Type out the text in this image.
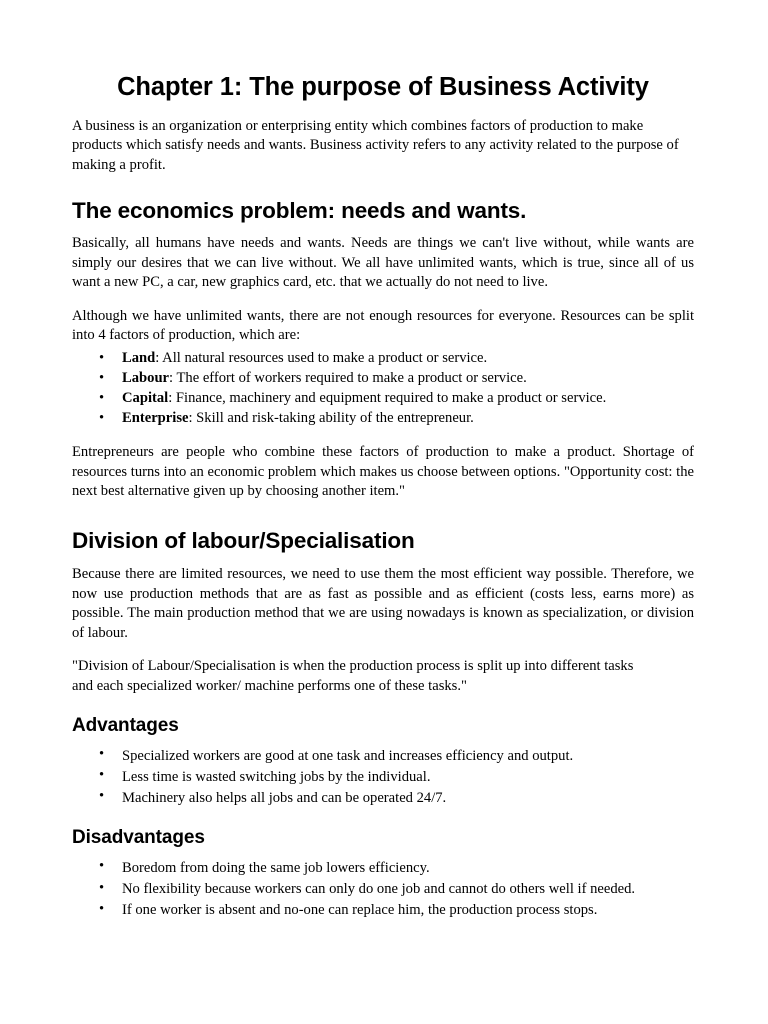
Chapter 1: The purpose of Business Activity

A business is an organization or enterprising entity which combines factors of production to make products which satisfy needs and wants. Business activity refers to any activity related to the purpose of making a profit.

The economics problem: needs and wants.

Basically, all humans have needs and wants. Needs are things we can't live without, while wants are simply our desires that we can live without. We all have unlimited wants, which is true, since all of us want a new PC, a car, new graphics card, etc. that we actually do not need to live.

Although we have unlimited wants, there are not enough resources for everyone. Resources can be split into 4 factors of production, which are:

• Land: All natural resources used to make a product or service.
• Labour: The effort of workers required to make a product or service.
• Capital: Finance, machinery and equipment required to make a product or service.
• Enterprise: Skill and risk-taking ability of the entrepreneur.

Entrepreneurs are people who combine these factors of production to make a product. Shortage of resources turns into an economic problem which makes us choose between options. "Opportunity cost: the next best alternative given up by choosing another item."

Division of labour/Specialisation

Because there are limited resources, we need to use them the most efficient way possible. Therefore, we now use production methods that are as fast as possible and as efficient (costs less, earns more) as possible. The main production method that we are using nowadays is known as specialization, or division of labour.

"Division of Labour/Specialisation is when the production process is split up into different tasks and each specialized worker/ machine performs one of these tasks."

Advantages
• Specialized workers are good at one task and increases efficiency and output.
• Less time is wasted switching jobs by the individual.
• Machinery also helps all jobs and can be operated 24/7.
Disadvantages
• Boredom from doing the same job lowers efficiency.
• No flexibility because workers can only do one job and cannot do others well if needed.
• If one worker is absent and no-one can replace him, the production process stops.
